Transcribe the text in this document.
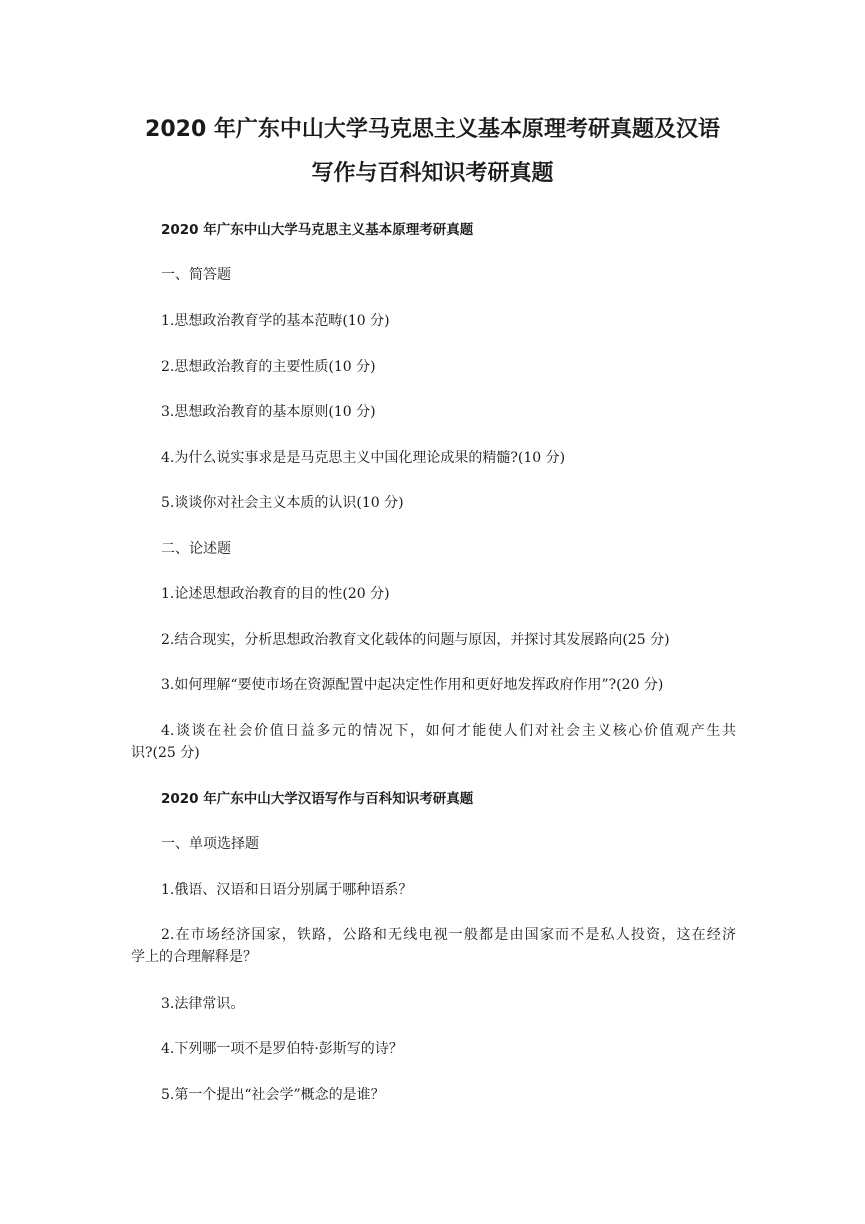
2020 年广东中山大学马克思主义基本原理考研真题及汉语
写作与百科知识考研真题
2020 年广东中山大学马克思主义基本原理考研真题

一、简答题

1.思想政治教育学的基本范畴(10 分)

2.思想政治教育的主要性质(10 分)

3.思想政治教育的基本原则(10 分)

4.为什么说实事求是是马克思主义中国化理论成果的精髓?(10 分)

5.谈谈你对社会主义本质的认识(10 分)

二、论述题

1.论述思想政治教育的目的性(20 分)

2.结合现实，分析思想政治教育文化载体的问题与原因，并探讨其发展路向(25 分)

3.如何理解“要使市场在资源配置中起决定性作用和更好地发挥政府作用”?(20 分)

4.谈谈在社会价值日益多元的情况下，如何才能使人们对社会主义核心价值观产生共
识?(25 分)
2020 年广东中山大学汉语写作与百科知识考研真题

一、单项选择题

1.俄语、汉语和日语分别属于哪种语系？

2.在市场经济国家，铁路，公路和无线电视一般都是由国家而不是私人投资，这在经济
学上的合理解释是？

3.法律常识。

4.下列哪一项不是罗伯特·彭斯写的诗？

5.第一个提出“社会学”概念的是谁？
